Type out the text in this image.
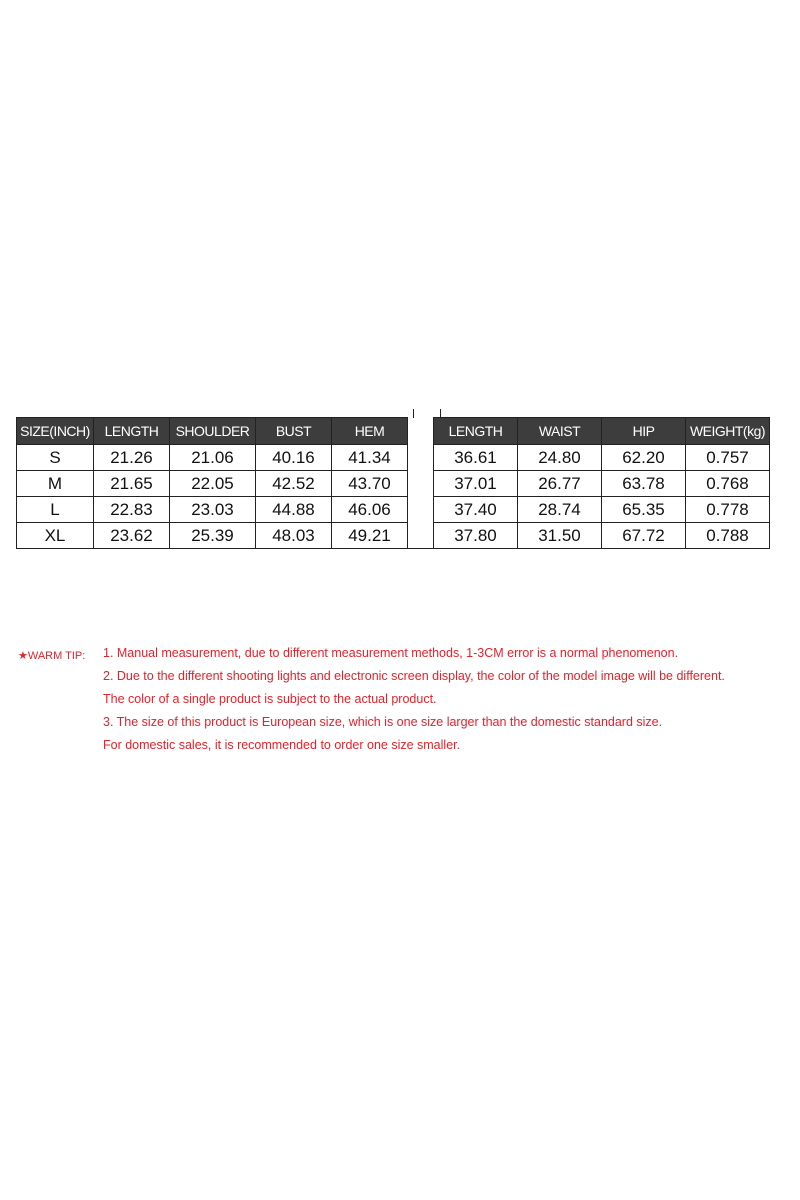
SIZE(INCH)	LENGTH	SHOULDER	BUST	HEM		LENGTH	WAIST	HIP	WEIGHT(kg)
S	21.26	21.06	40.16	41.34		36.61	24.80	62.20	0.757
M	21.65	22.05	42.52	43.70		37.01	26.77	63.78	0.768
L	22.83	23.03	44.88	46.06		37.40	28.74	65.35	0.778
XL	23.62	25.39	48.03	49.21		37.80	31.50	67.72	0.788
★WARM TIP: 1. Manual measurement, due to different measurement methods, 1-3CM error is a normal phenomenon.
2. Due to the different shooting lights and electronic screen display, the color of the model image will be different.
The color of a single product is subject to the actual product.
3. The size of this product is European size, which is one size larger than the domestic standard size.
For domestic sales, it is recommended to order one size smaller.
